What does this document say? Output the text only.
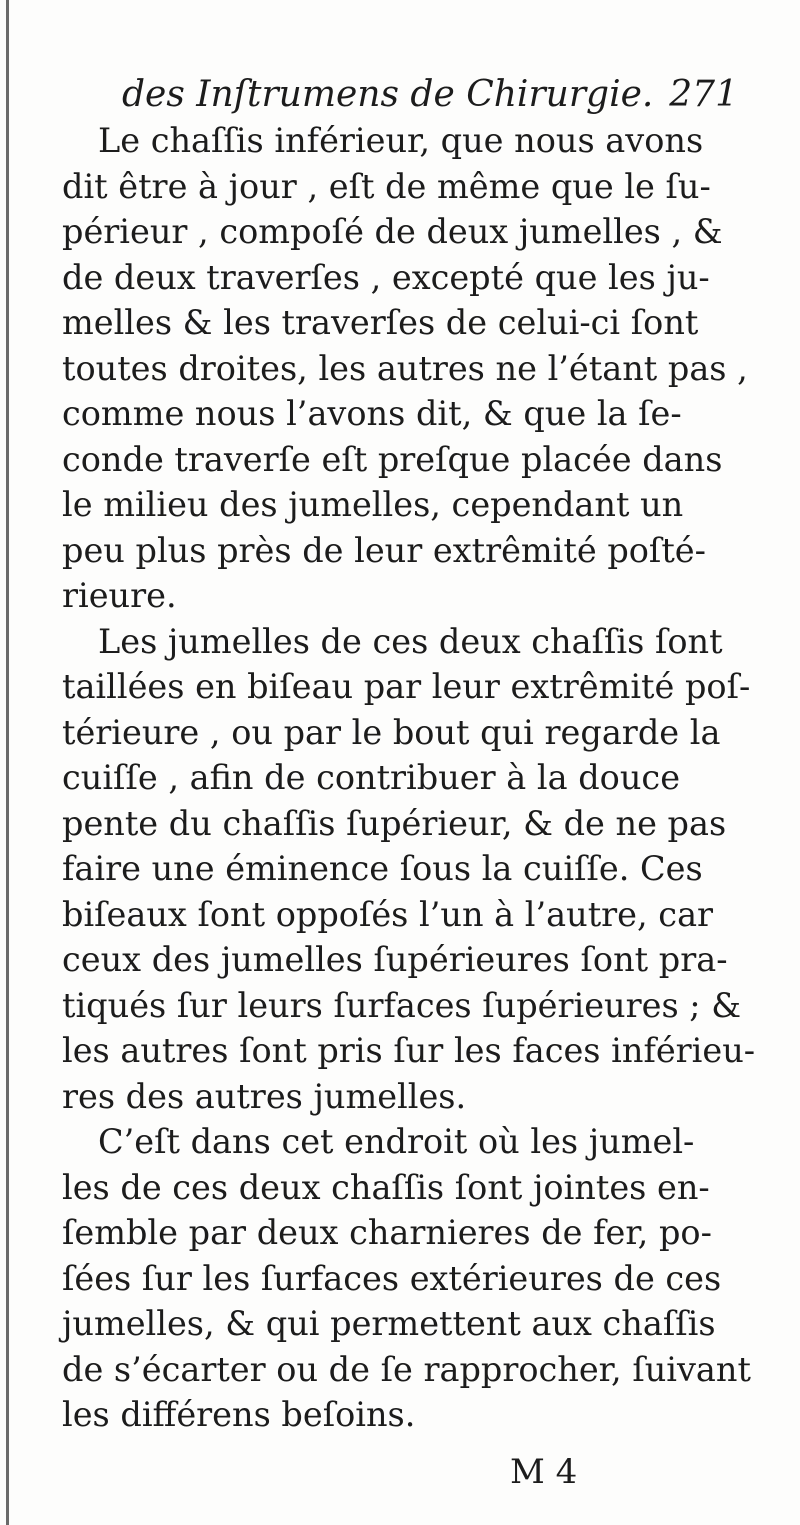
des Inſtrumens de Chirurgie. 271
Le chaſſis inférieur, que nous avons
dit être à jour , eſt de même que le ſu-
périeur , compoſé de deux jumelles , &
de deux traverſes , excepté que les ju-
melles & les traverſes de celui-ci ſont
toutes droites, les autres ne l’étant pas ,
comme nous l’avons dit, & que la ſe-
conde traverſe eſt preſque placée dans
le milieu des jumelles, cependant un
peu plus près de leur extrêmité poſté-
rieure.
Les jumelles de ces deux chaſſis ſont
taillées en biſeau par leur extrêmité poſ-
térieure , ou par le bout qui regarde la
cuiſſe , afin de contribuer à la douce
pente du chaſſis ſupérieur, & de ne pas
faire une éminence ſous la cuiſſe. Ces
biſeaux ſont oppoſés l’un à l’autre, car
ceux des jumelles ſupérieures ſont pra-
tiqués ſur leurs ſurfaces ſupérieures ; &
les autres ſont pris ſur les faces inférieu-
res des autres jumelles.
C’eſt dans cet endroit où les jumel-
les de ces deux chaſſis ſont jointes en-
ſemble par deux charnieres de fer, po-
ſées ſur les ſurfaces extérieures de ces
jumelles, & qui permettent aux chaſſis
de s’écarter ou de ſe rapprocher, ſuivant
les différens beſoins.
M 4
